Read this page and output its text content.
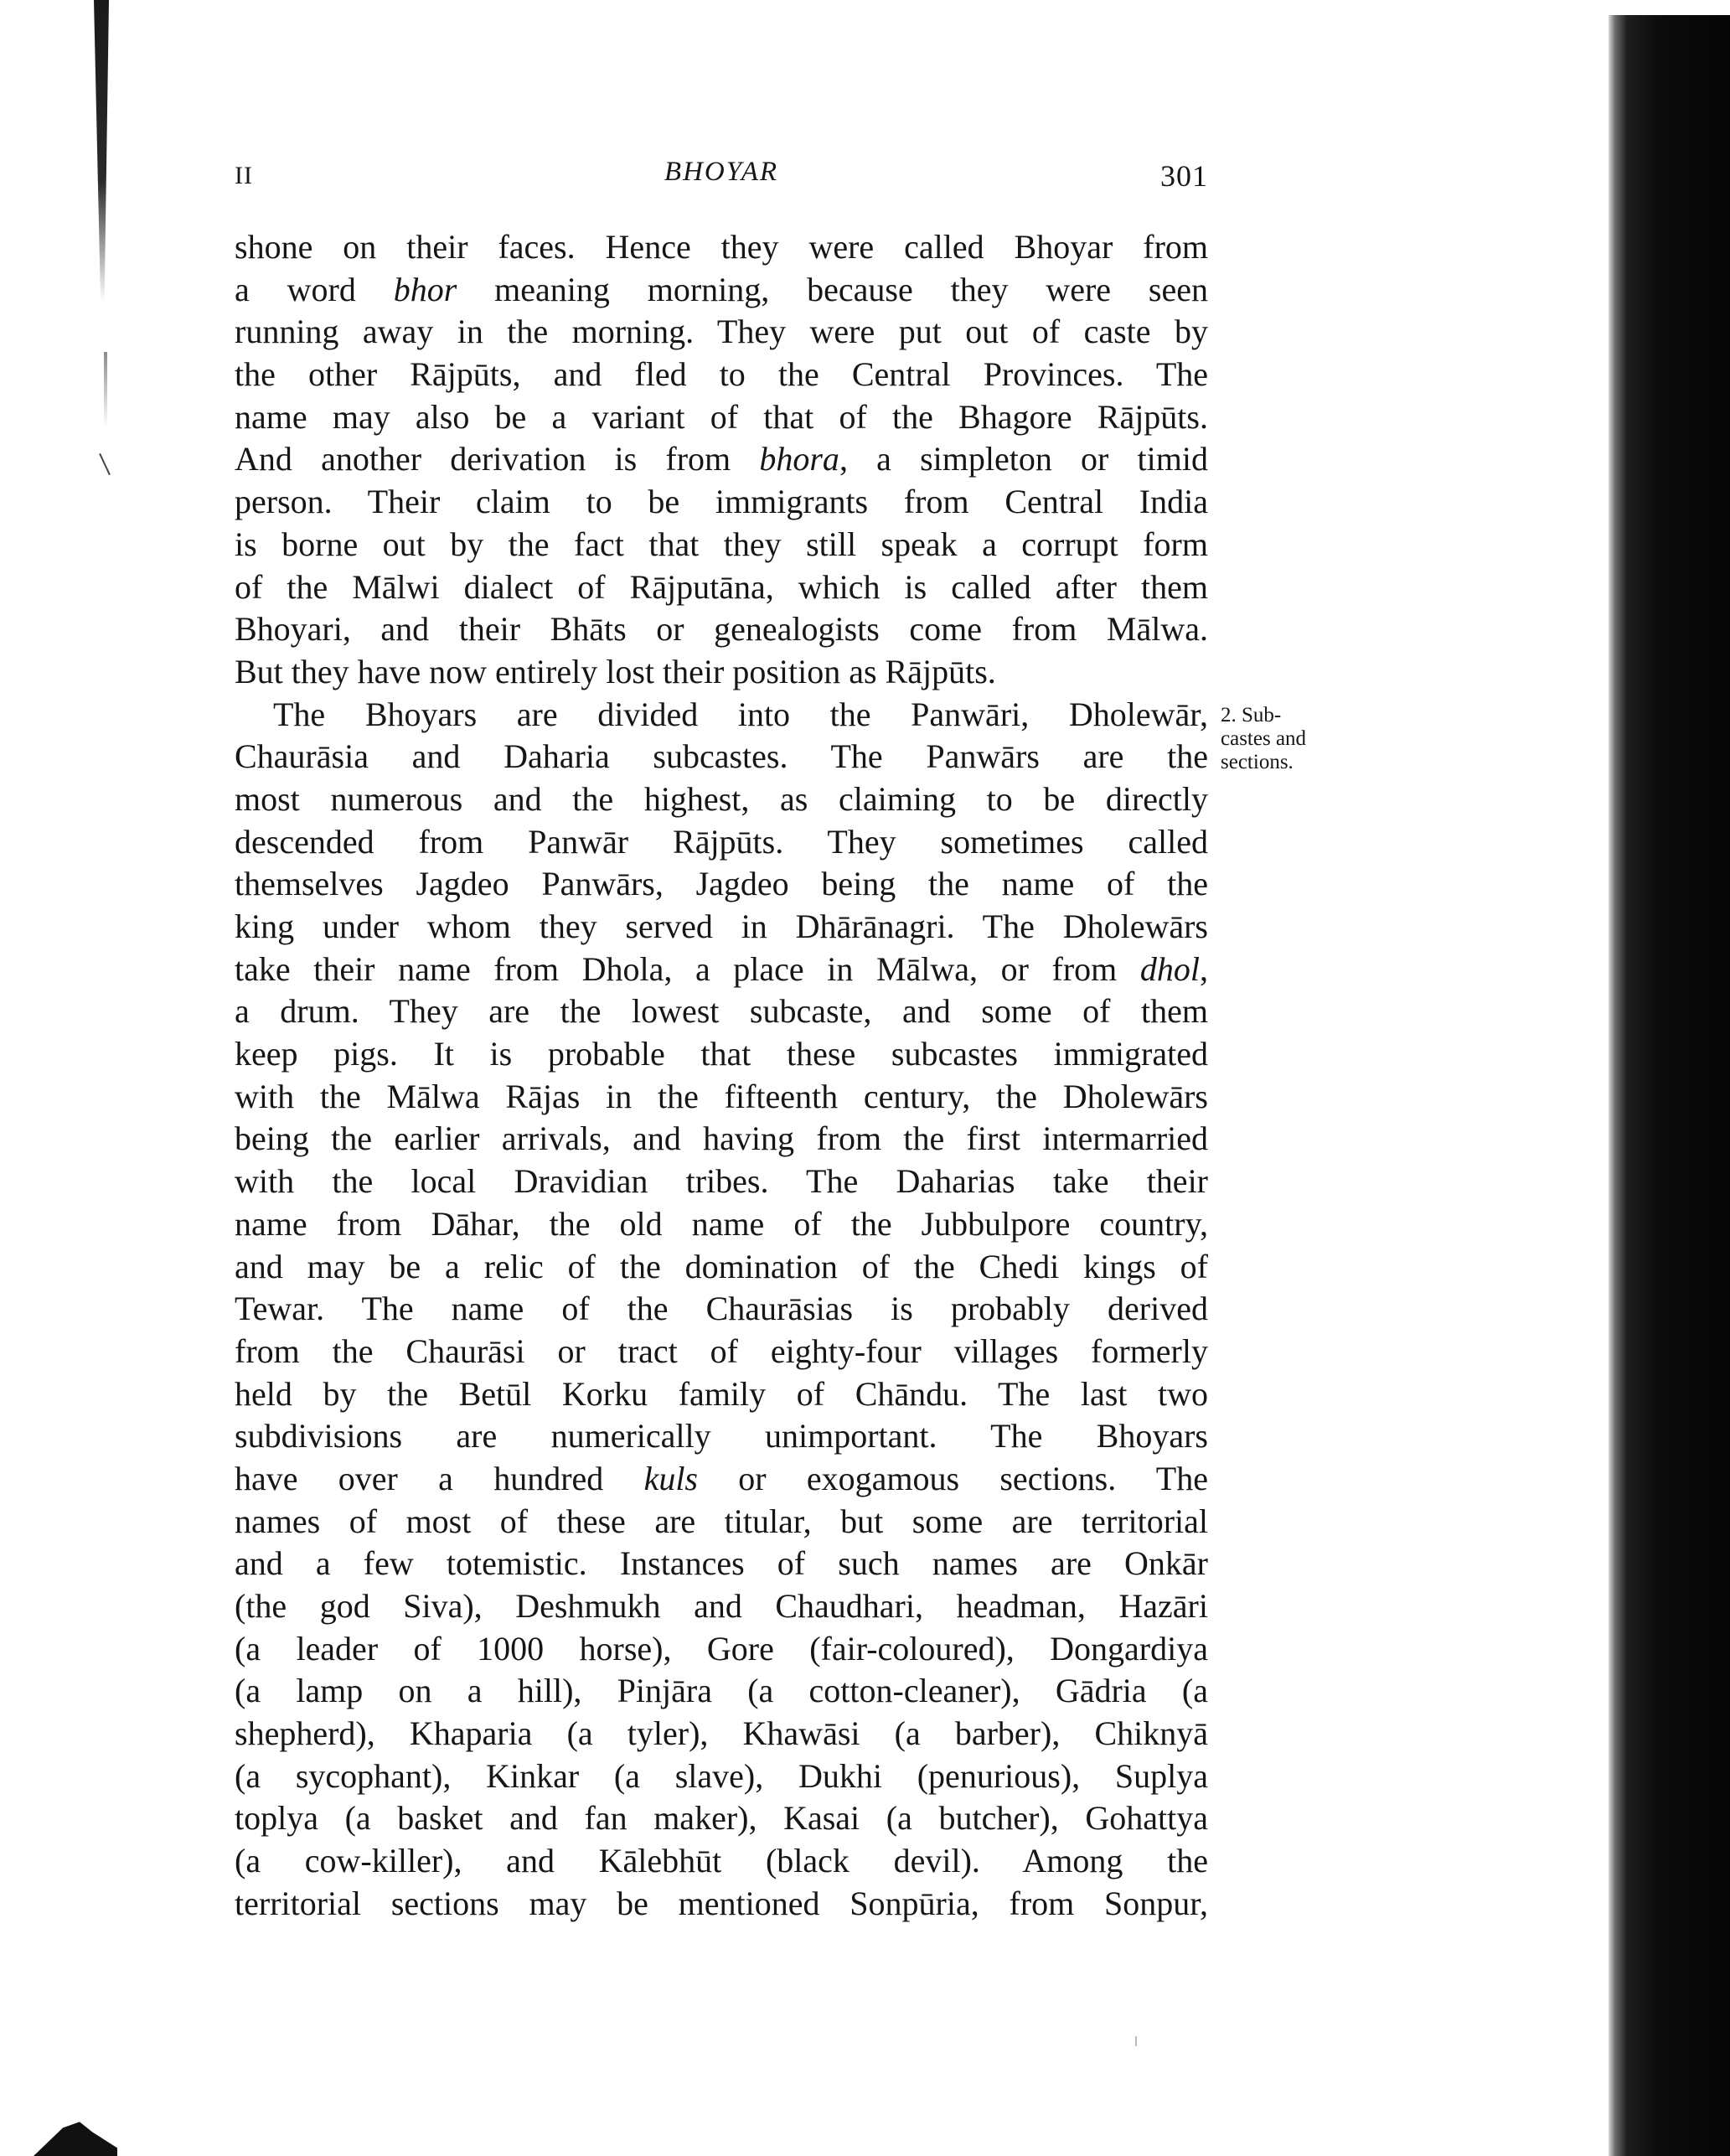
II	BHOYAR	301
shone on their faces. Hence they were called Bhoyar from
a word bhor meaning morning, because they were seen
running away in the morning. They were put out of caste by
the other Rājpūts, and fled to the Central Provinces. The
name may also be a variant of that of the Bhagore Rājpūts.
And another derivation is from bhora, a simpleton or timid
person. Their claim to be immigrants from Central India
is borne out by the fact that they still speak a corrupt form
of the Mālwi dialect of Rājputāna, which is called after them
Bhoyari, and their Bhāts or genealogists come from Mālwa.
But they have now entirely lost their position as Rājpūts.
The Bhoyars are divided into the Panwāri, Dholewār,
Chaurāsia and Daharia subcastes. The Panwārs are the
most numerous and the highest, as claiming to be directly
descended from Panwār Rājpūts. They sometimes called
themselves Jagdeo Panwārs, Jagdeo being the name of the
king under whom they served in Dhārānagri. The Dholewārs
take their name from Dhola, a place in Mālwa, or from dhol,
a drum. They are the lowest subcaste, and some of them
keep pigs. It is probable that these subcastes immigrated
with the Mālwa Rājas in the fifteenth century, the Dholewārs
being the earlier arrivals, and having from the first intermarried
with the local Dravidian tribes. The Daharias take their
name from Dāhar, the old name of the Jubbulpore country,
and may be a relic of the domination of the Chedi kings of
Tewar. The name of the Chaurāsias is probably derived
from the Chaurāsi or tract of eighty-four villages formerly
held by the Betūl Korku family of Chāndu. The last two
subdivisions are numerically unimportant. The Bhoyars
have over a hundred kuls or exogamous sections. The
names of most of these are titular, but some are territorial
and a few totemistic. Instances of such names are Onkār
(the god Siva), Deshmukh and Chaudhari, headman, Hazāri
(a leader of 1000 horse), Gore (fair-coloured), Dongardiya
(a lamp on a hill), Pinjāra (a cotton-cleaner), Gādria (a
shepherd), Khaparia (a tyler), Khawāsi (a barber), Chiknyā
(a sycophant), Kinkar (a slave), Dukhi (penurious), Suplya
toplya (a basket and fan maker), Kasai (a butcher), Gohattya
(a cow-killer), and Kālebhūt (black devil). Among the
territorial sections may be mentioned Sonpūria, from Sonpur,
2. Sub-
castes and
sections.
